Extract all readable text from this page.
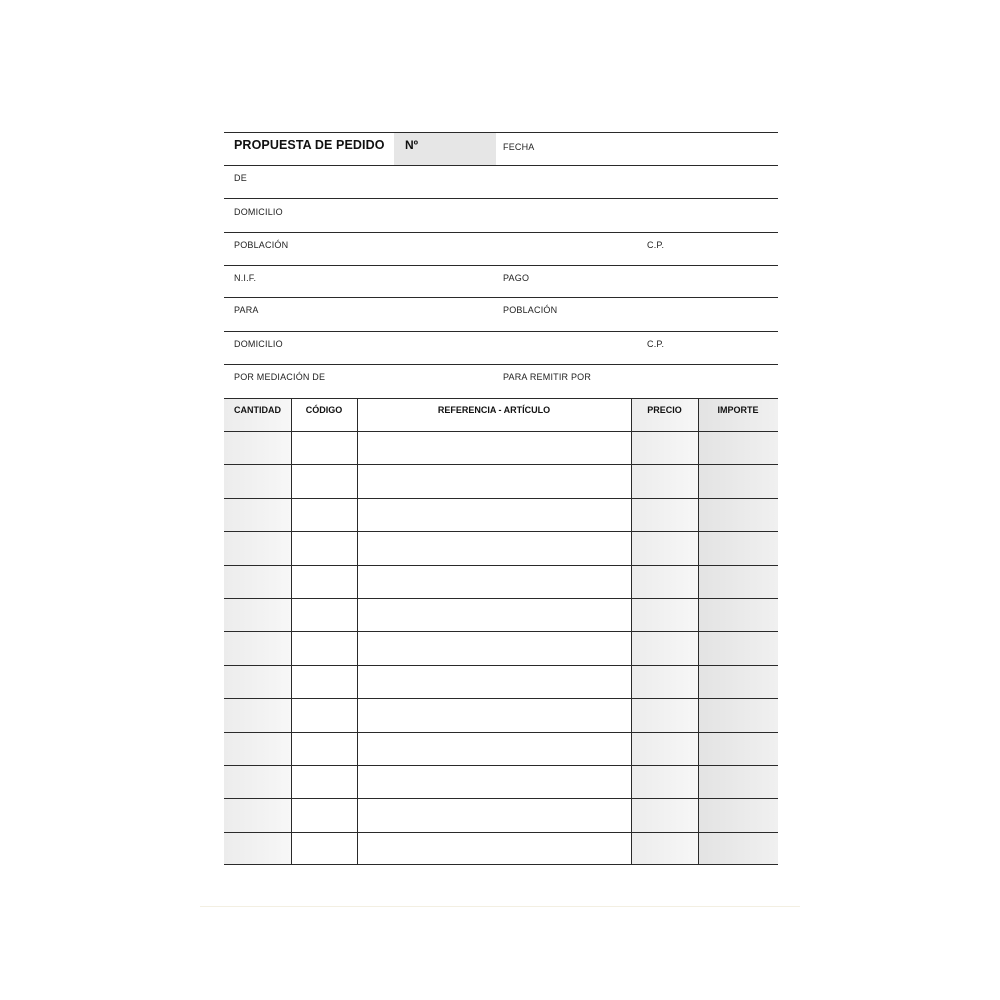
PROPUESTA DE PEDIDO Nº	FECHA
DE
DOMICILIO
POBLACIÓN	C.P.
N.I.F.	PAGO
PARA	POBLACIÓN
DOMICILIO	C.P.
POR MEDIACIÓN DE	PARA REMITIR POR
CANTIDAD	CÓDIGO	REFERENCIA - ARTÍCULO	PRECIO	IMPORTE
